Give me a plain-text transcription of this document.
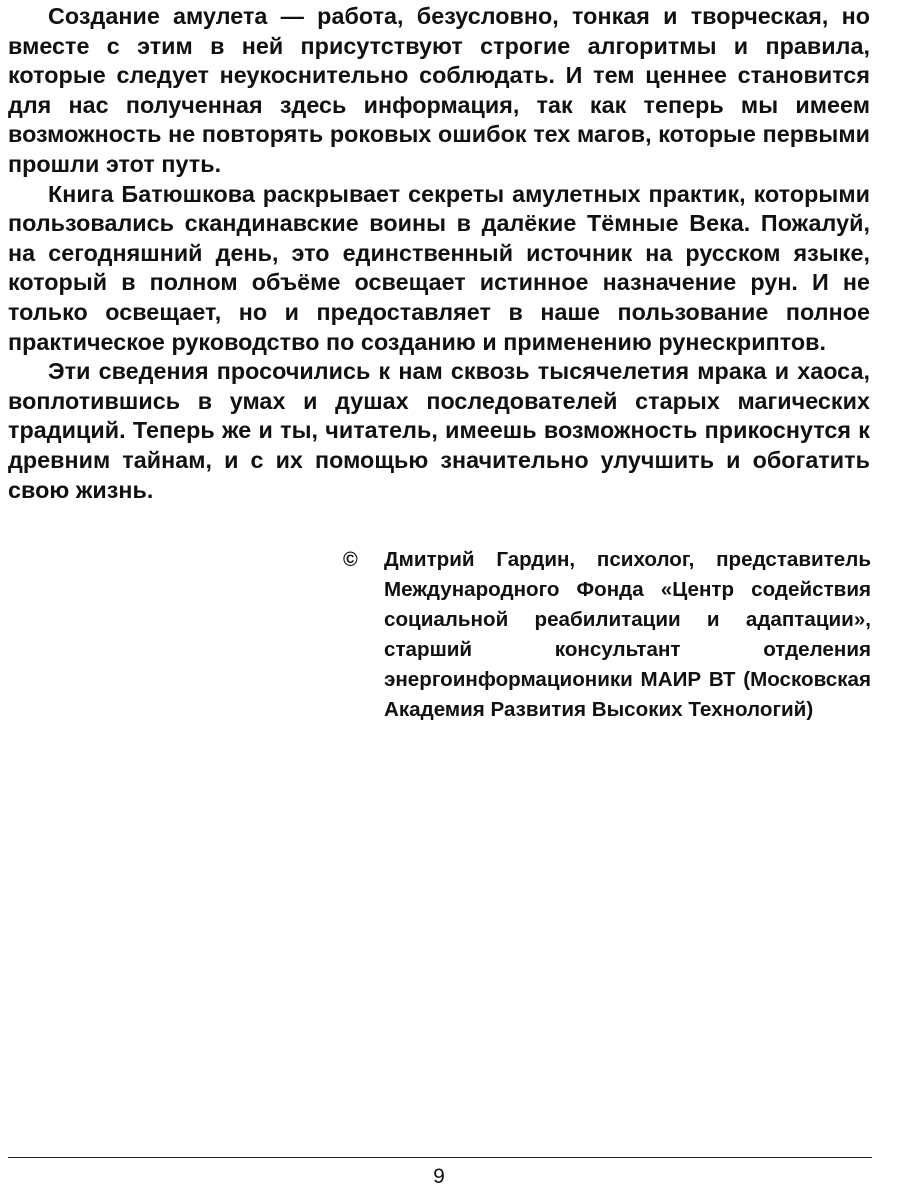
Создание амулета — работа, безусловно, тонкая и творческая, но вместе с этим в ней присутствуют строгие алгоритмы и правила, которые следует неукоснительно соблюдать. И тем ценнее становится для нас полученная здесь информация, так как теперь мы имеем возможность не повторять роковых ошибок тех магов, которые первыми прошли этот путь.

Книга Батюшкова раскрывает секреты амулетных практик, которыми пользовались скандинавские воины в далёкие Тёмные Века. Пожалуй, на сегодняшний день, это единственный источник на русском языке, который в полном объёме освещает истинное назначение рун. И не только освещает, но и предоставляет в наше пользование полное практическое руководство по созданию и применению рунескриптов.

Эти сведения просочились к нам сквозь тысячелетия мрака и хаоса, воплотившись в умах и душах последователей старых магических традиций. Теперь же и ты, читатель, имеешь возможность прикоснутся к древним тайнам, и с их помощью значительно улучшить и обогатить свою жизнь.

© Дмитрий Гардин, психолог, представитель Международного Фонда «Центр содействия социальной реабилитации и адаптации», старший консультант отделения энергоинформационики МАИР ВТ (Московская Академия Развития Высоких Технологий)

9
